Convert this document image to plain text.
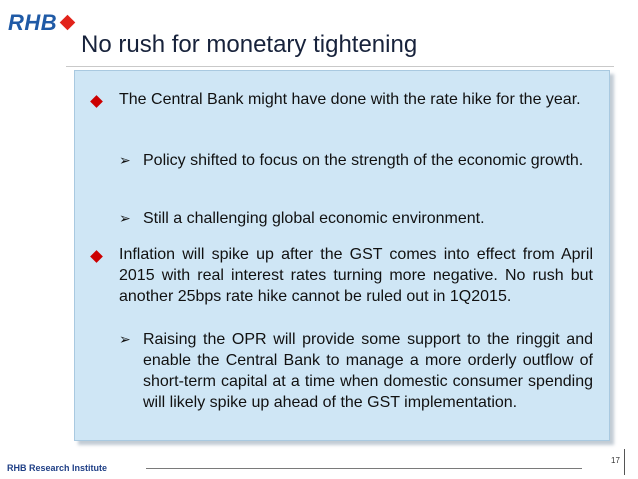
RHB
No rush for monetary tightening
The Central Bank might have done with the rate hike for the year.
➢ Policy shifted to focus on the strength of the economic growth.
➢ Still a challenging global economic environment.
Inflation will spike up after the GST comes into effect from April 2015 with real interest rates turning more negative. No rush but another 25bps rate hike cannot be ruled out in 1Q2015.
➢ Raising the OPR will provide some support to the ringgit and enable the Central Bank to manage a more orderly outflow of short-term capital at a time when domestic consumer spending will likely spike up ahead of the GST implementation.
RHB Research Institute
17
